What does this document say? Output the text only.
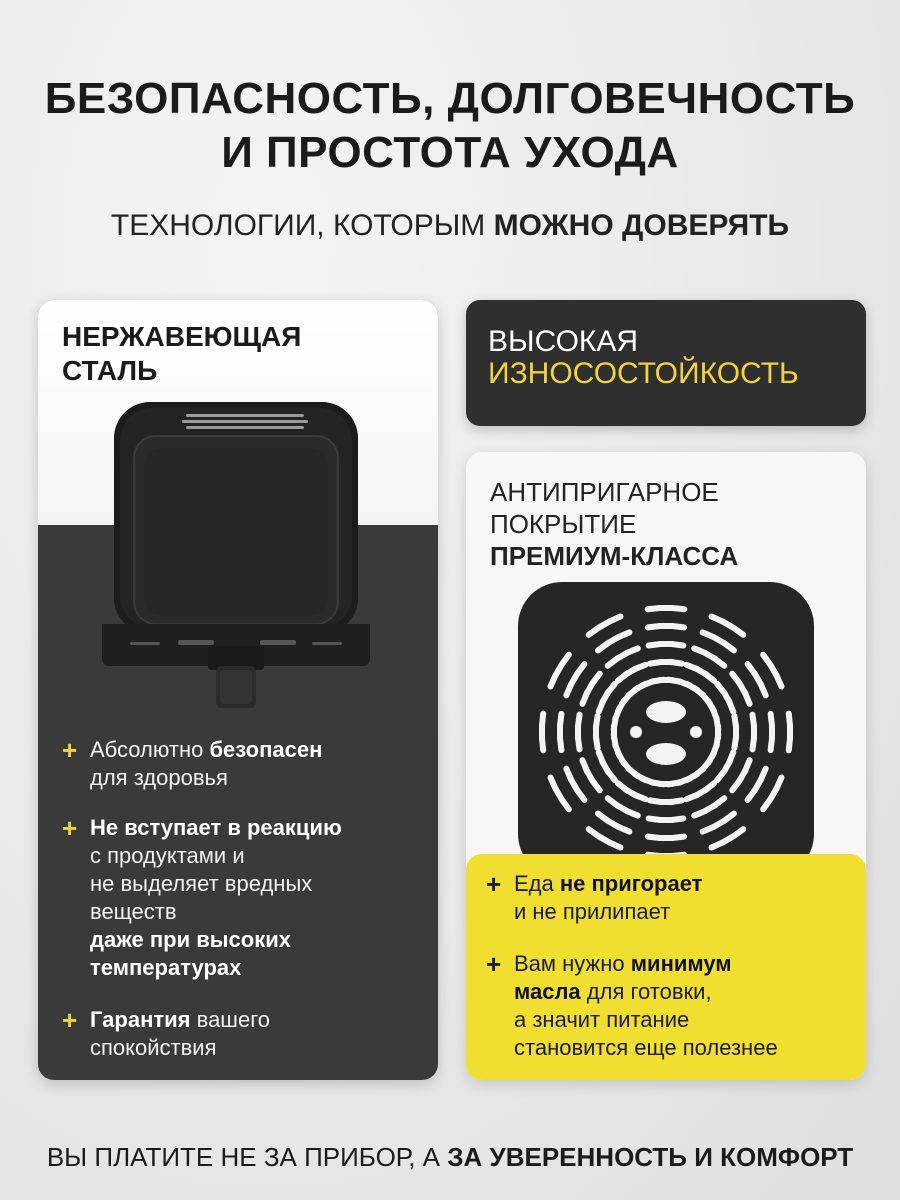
БЕЗОПАСНОСТЬ, ДОЛГОВЕЧНОСТЬ
И ПРОСТОТА УХОДА
ТЕХНОЛОГИИ, КОТОРЫМ МОЖНО ДОВЕРЯТЬ
НЕРЖАВЕЮЩАЯ
СТАЛЬ
+ Абсолютно безопасен
для здоровья
+ Не вступает в реакцию
с продуктами и
не выделяет вредных
веществ
даже при высоких
температурах
+ Гарантия вашего
спокойствия
ВЫСОКАЯ
ИЗНОСОСТОЙКОСТЬ
АНТИПРИГАРНОЕ
ПОКРЫТИЕ
ПРЕМИУМ-КЛАССА
+ Еда не пригорает
и не прилипает
+ Вам нужно минимум
масла для готовки,
а значит питание
становится еще полезнее
ВЫ ПЛАТИТЕ НЕ ЗА ПРИБОР, А ЗА УВЕРЕННОСТЬ И КОМФОРТ
